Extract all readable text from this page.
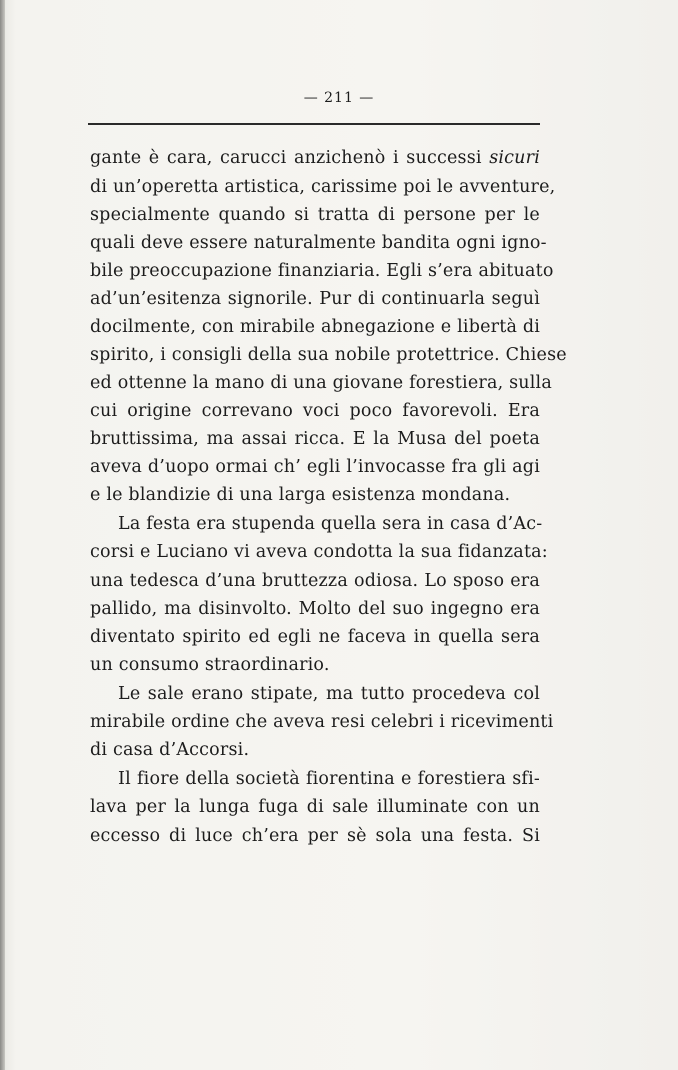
— 211 —
gante è cara, carucci anzichenò i successi sicuri
di un’operetta artistica, carissime poi le avventure,
specialmente quando si tratta di persone per le
quali deve essere naturalmente bandita ogni igno-
bile preoccupazione finanziaria. Egli s’era abituato
ad’un’esitenza signorile. Pur di continuarla seguì
docilmente, con mirabile abnegazione e libertà di
spirito, i consigli della sua nobile protettrice. Chiese
ed ottenne la mano di una giovane forestiera, sulla
cui origine correvano voci poco favorevoli. Era
bruttissima, ma assai ricca. E la Musa del poeta
aveva d’uopo ormai ch’ egli l’invocasse fra gli agi
e le blandizie di una larga esistenza mondana.
La festa era stupenda quella sera in casa d’Ac-
corsi e Luciano vi aveva condotta la sua fidanzata:
una tedesca d’una bruttezza odiosa. Lo sposo era
pallido, ma disinvolto. Molto del suo ingegno era
diventato spirito ed egli ne faceva in quella sera
un consumo straordinario.
Le sale erano stipate, ma tutto procedeva col
mirabile ordine che aveva resi celebri i ricevimenti
di casa d’Accorsi.
Il fiore della società fiorentina e forestiera sfi-
lava per la lunga fuga di sale illuminate con un
eccesso di luce ch’era per sè sola una festa. Si
